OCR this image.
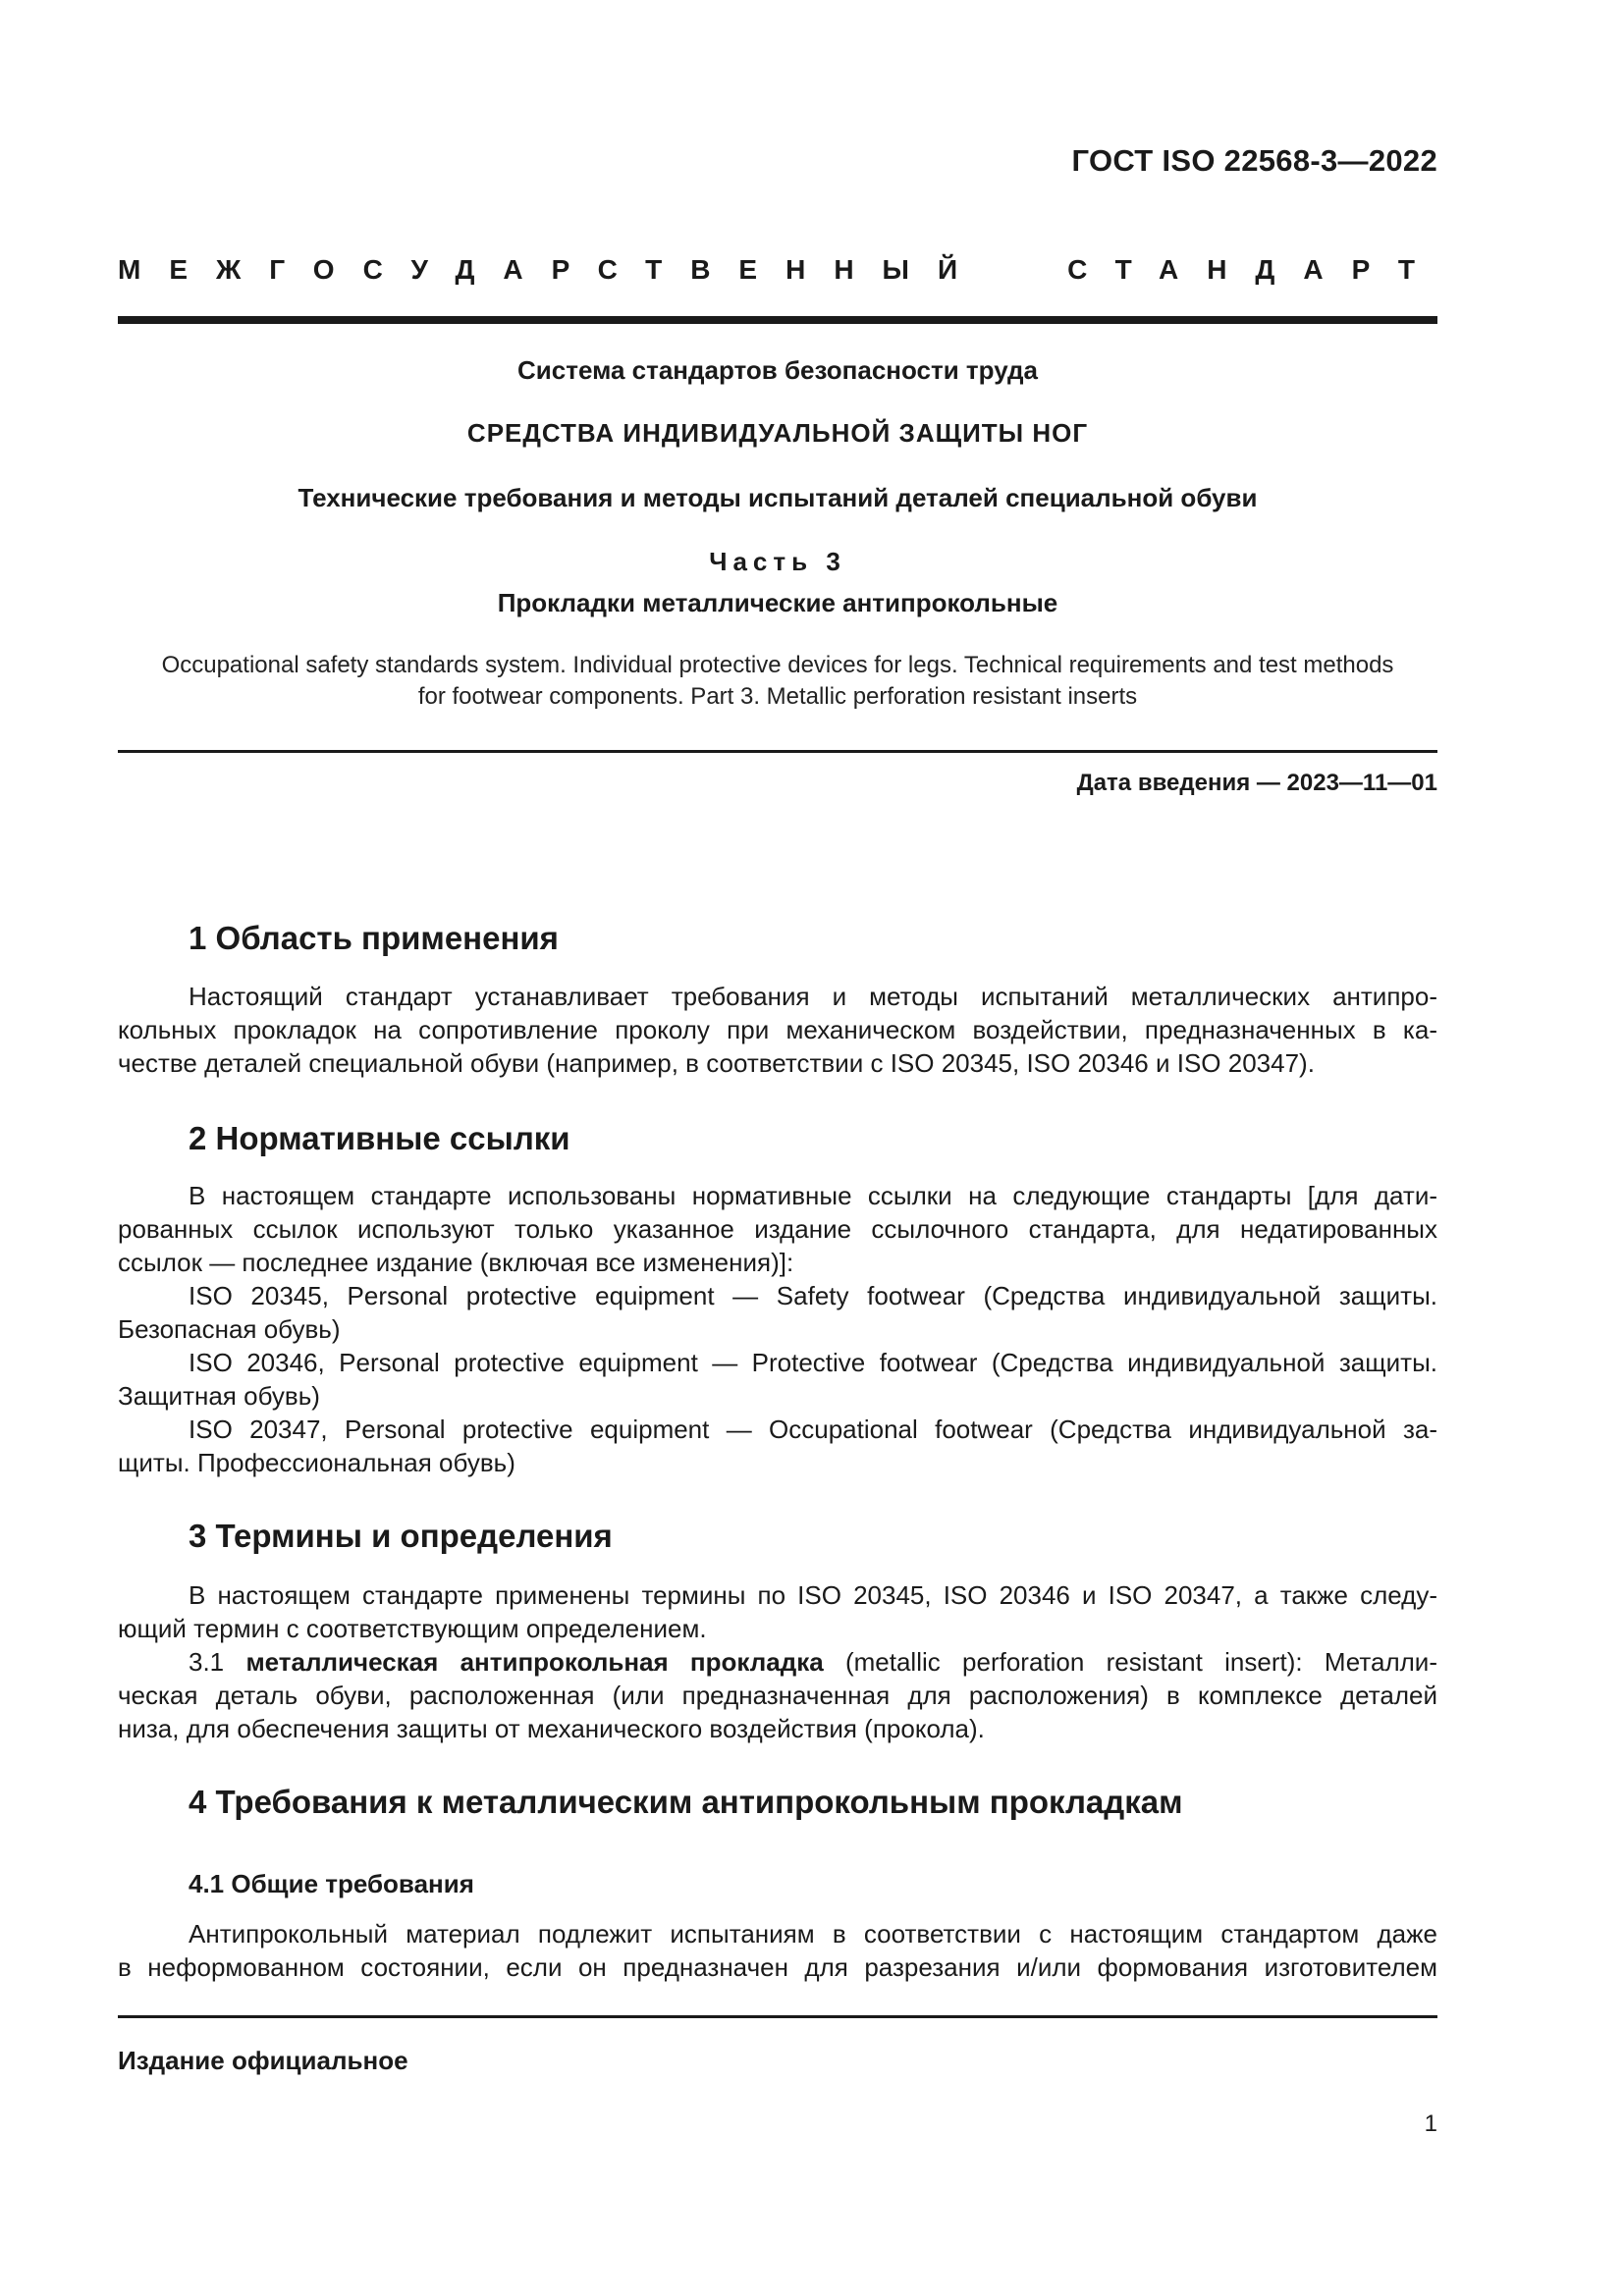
ГОСТ ISO 22568-3—2022
МЕЖГОСУДАРСТВЕННЫЙ	СТАНДАРТ
Система стандартов безопасности труда
СРЕДСТВА ИНДИВИДУАЛЬНОЙ ЗАЩИТЫ НОГ
Технические требования и методы испытаний деталей специальной обуви
Часть 3
Прокладки металлические антипрокольные
Occupational safety standards system. Individual protective devices for legs. Technical requirements and test methods
for footwear components. Part 3. Metallic perforation resistant inserts
Дата введения — 2023—11—01
1 Область применения
Настоящий стандарт устанавливает требования и методы испытаний металлических антипро-
кольных прокладок на сопротивление проколу при механическом воздействии, предназначенных в ка-
честве деталей специальной обуви (например, в соответствии с ISO 20345, ISO 20346 и ISO 20347).
2 Нормативные ссылки
В настоящем стандарте использованы нормативные ссылки на следующие стандарты [для дати-
рованных ссылок используют только указанное издание ссылочного стандарта, для недатированных
ссылок — последнее издание (включая все изменения)]:
ISO 20345, Personal protective equipment — Safety footwear (Средства индивидуальной защиты.
Безопасная обувь)
ISO 20346, Personal protective equipment — Protective footwear (Средства индивидуальной защиты.
Защитная обувь)
ISO 20347, Personal protective equipment — Occupational footwear (Средства индивидуальной за-
щиты. Профессиональная обувь)
3 Термины и определения
В настоящем стандарте применены термины по ISO 20345, ISO 20346 и ISO 20347, а также следу-
ющий термин с соответствующим определением.
3.1 металлическая антипрокольная прокладка (metallic perforation resistant insert): Металли-
ческая деталь обуви, расположенная (или предназначенная для расположения) в комплексе деталей
низа, для обеспечения защиты от механического воздействия (прокола).
4 Требования к металлическим антипрокольным прокладкам
4.1 Общие требования
Антипрокольный материал подлежит испытаниям в соответствии с настоящим стандартом даже
в неформованном состоянии, если он предназначен для разрезания и/или формования изготовителем
Издание официальное
1
